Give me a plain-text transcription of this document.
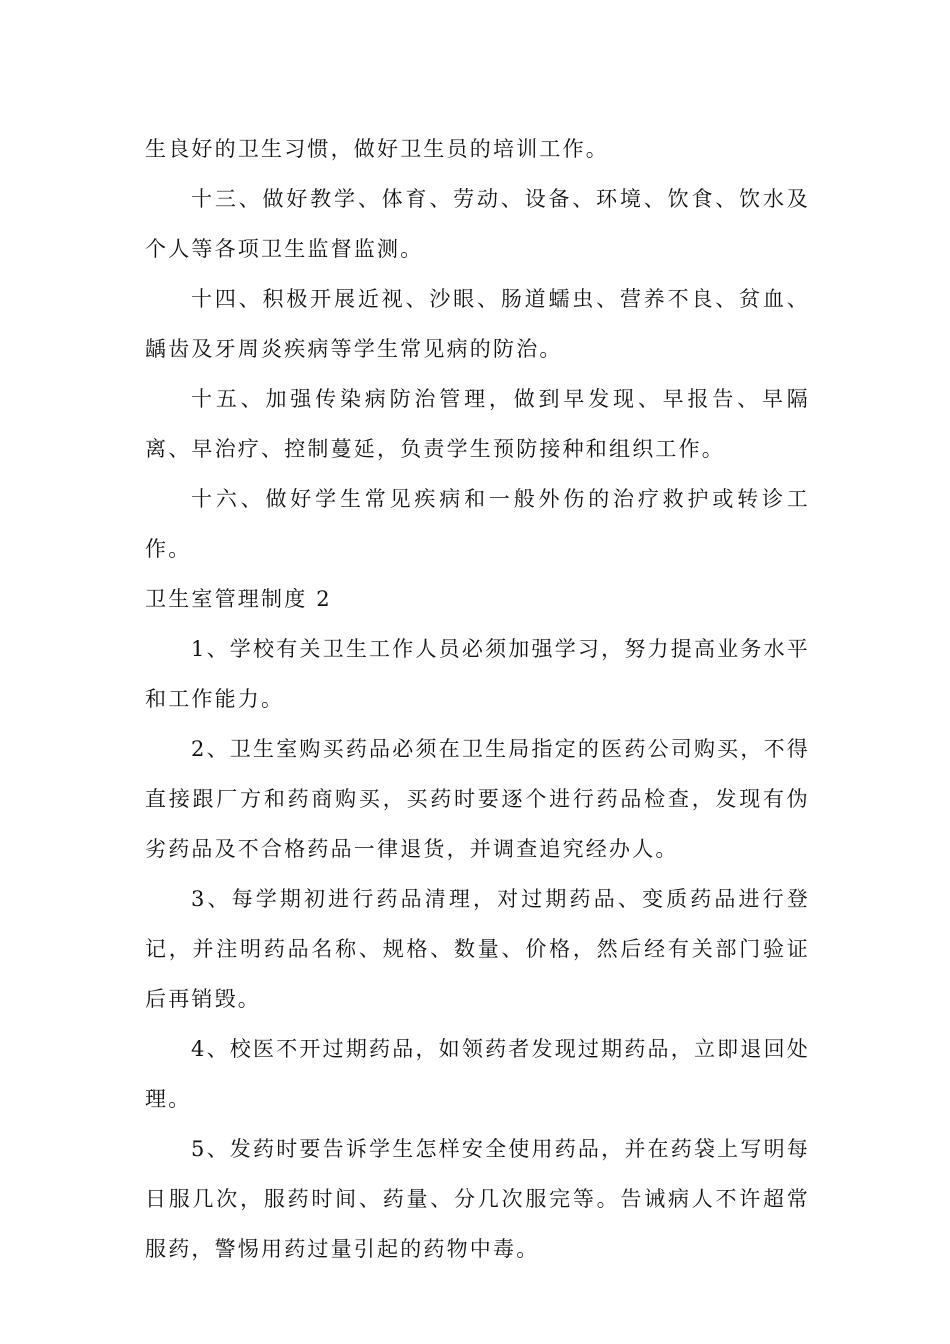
生良好的卫生习惯，做好卫生员的培训工作。

十三、做好教学、体育、劳动、设备、环境、饮食、饮水及个人等各项卫生监督监测。

十四、积极开展近视、沙眼、肠道蠕虫、营养不良、贫血、龋齿及牙周炎疾病等学生常见病的防治。

十五、加强传染病防治管理，做到早发现、早报告、早隔离、早治疗、控制蔓延，负责学生预防接种和组织工作。

十六、做好学生常见疾病和一般外伤的治疗救护或转诊工作。

卫生室管理制度 2

1、学校有关卫生工作人员必须加强学习，努力提高业务水平和工作能力。

2、卫生室购买药品必须在卫生局指定的医药公司购买，不得直接跟厂方和药商购买，买药时要逐个进行药品检查，发现有伪劣药品及不合格药品一律退货，并调查追究经办人。

3、每学期初进行药品清理，对过期药品、变质药品进行登记，并注明药品名称、规格、数量、价格，然后经有关部门验证后再销毁。

4、校医不开过期药品，如领药者发现过期药品，立即退回处理。

5、发药时要告诉学生怎样安全使用药品，并在药袋上写明每日服几次，服药时间、药量、分几次服完等。告诫病人不许超常服药，警惕用药过量引起的药物中毒。
